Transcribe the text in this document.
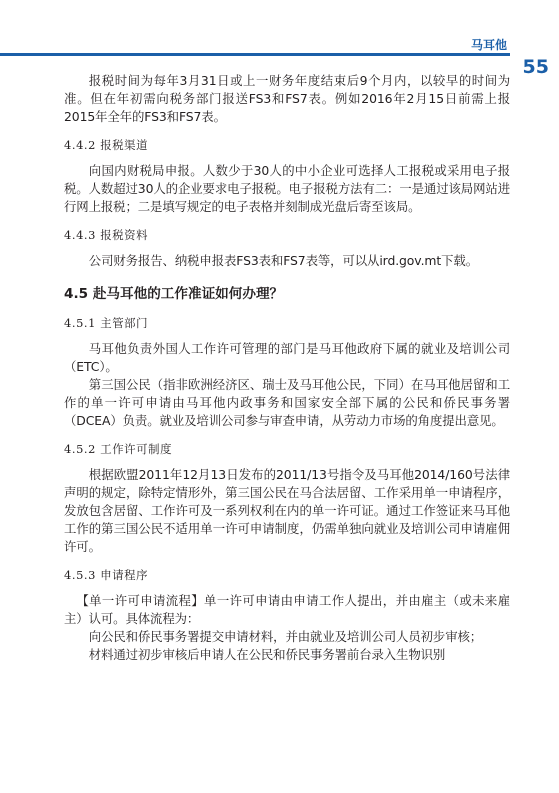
马耳他
55

报税时间为每年3月31日或上一财务年度结束后9个月内，以较早的时间为准。但在年初需向税务部门报送FS3和FS7表。例如2016年2月15日前需上报2015年全年的FS3和FS7表。

4.4.2 报税渠道

向国内财税局申报。人数少于30人的中小企业可选择人工报税或采用电子报税。人数超过30人的企业要求电子报税。电子报税方法有二：一是通过该局网站进行网上报税；二是填写规定的电子表格并刻制成光盘后寄至该局。

4.4.3 报税资料

公司财务报告、纳税申报表FS3表和FS7表等，可以从ird.gov.mt下载。

4.5 赴马耳他的工作准证如何办理？
4.5.1 主管部门

马耳他负责外国人工作许可管理的部门是马耳他政府下属的就业及培训公司（ETC）。

第三国公民（指非欧洲经济区、瑞士及马耳他公民，下同）在马耳他居留和工作的单一许可申请由马耳他内政事务和国家安全部下属的公民和侨民事务署（DCEA）负责。就业及培训公司参与审查申请，从劳动力市场的角度提出意见。

4.5.2 工作许可制度

根据欧盟2011年12月13日发布的2011/13号指令及马耳他2014/160号法律声明的规定，除特定情形外，第三国公民在马合法居留、工作采用单一申请程序，发放包含居留、工作许可及一系列权利在内的单一许可证。通过工作签证来马耳他工作的第三国公民不适用单一许可申请制度，仍需单独向就业及培训公司申请雇佣许可。

4.5.3 申请程序

【单一许可申请流程】单一许可申请由申请工作人提出，并由雇主（或未来雇主）认可。具体流程为：

向公民和侨民事务署提交申请材料，并由就业及培训公司人员初步审核；

材料通过初步审核后申请人在公民和侨民事务署前台录入生物识别
